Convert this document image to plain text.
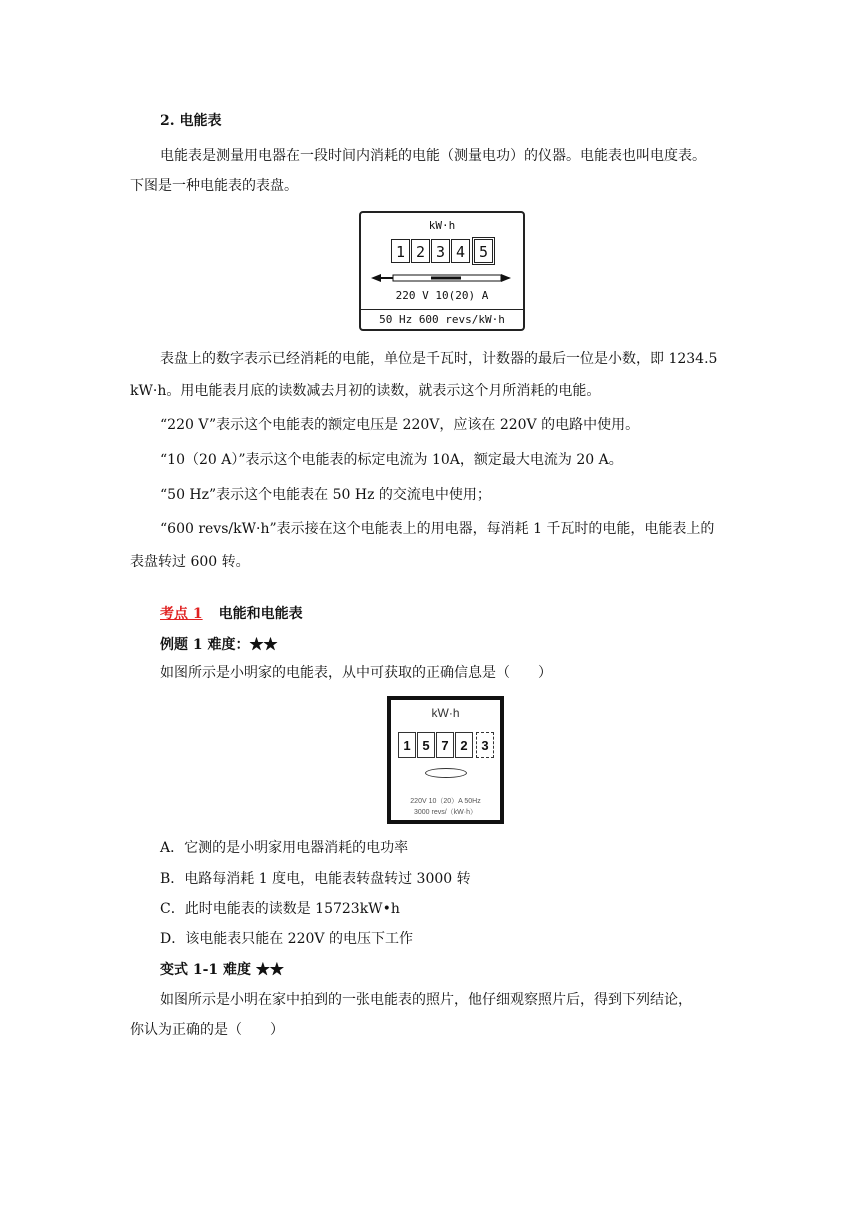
2. 电能表
电能表是测量用电器在一段时间内消耗的电能（测量电功）的仪器。电能表也叫电度表。
下图是一种电能表的表盘。
kW·h
1 2 3 4 5
220 V 10(20) A
50 Hz 600 revs/kW·h
表盘上的数字表示已经消耗的电能，单位是千瓦时，计数器的最后一位是小数，即 1234.5
kW·h。用电能表月底的读数减去月初的读数，就表示这个月所消耗的电能。
“220 V”表示这个电能表的额定电压是 220V，应该在 220V 的电路中使用。
“10（20 A）”表示这个电能表的标定电流为 10A，额定最大电流为 20 A。
“50 Hz”表示这个电能表在 50 Hz 的交流电中使用；
“600 revs/kW·h”表示接在这个电能表上的用电器，每消耗 1 千瓦时的电能，电能表上的
表盘转过 600 转。
考点 1 电能和电能表
例题 1 难度：★★
如图所示是小明家的电能表，从中可获取的正确信息是（　　）
kW·h
1 5 7 2	3
220V 10（20）A 50Hz
3000 revs/（kW·h）
A．它测的是小明家用电器消耗的电功率
B．电路每消耗 1 度电，电能表转盘转过 3000 转
C．此时电能表的读数是 15723kW•h
D．该电能表只能在 220V 的电压下工作
变式 1-1 难度 ★★
如图所示是小明在家中拍到的一张电能表的照片，他仔细观察照片后，得到下列结论，
你认为正确的是（　　）
